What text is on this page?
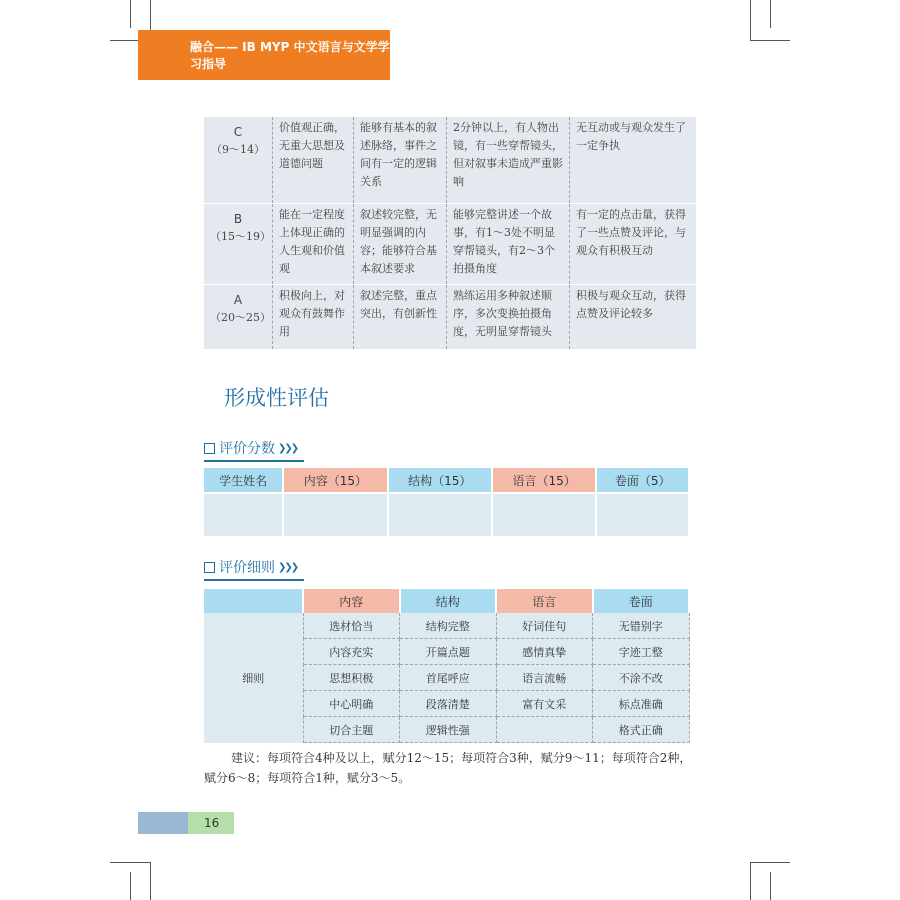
融合—— IB MYP 中文语言与文学学习指导
C
（9～14）	价值观正确，无重大思想及道德问题	能够有基本的叙述脉络，事件之间有一定的逻辑关系	2分钟以上，有人物出镜，有一些穿帮镜头，但对叙事未造成严重影响	无互动或与观众发生了一定争执

B
（15～19）	能在一定程度上体现正确的人生观和价值观	叙述较完整，无明显强调的内容；能够符合基本叙述要求	能够完整讲述一个故事，有1～3处不明显穿帮镜头，有2～3个拍摄角度	有一定的点击量，获得了一些点赞及评论，与观众有积极互动

A
（20～25）	积极向上，对观众有鼓舞作用	叙述完整，重点突出，有创新性	熟练运用多种叙述顺序，多次变换拍摄角度，无明显穿帮镜头	积极与观众互动，获得点赞及评论较多
形成性评估
评价分数 ❯❯❯
学生姓名	内容（15）	结构（15）	语言（15）	卷面（5）

评价细则 ❯❯❯
	内容	结构	语言	卷面
细则	选材恰当	结构完整	好词佳句	无错别字
	内容充实	开篇点题	感情真挚	字迹工整
	思想积极	首尾呼应	语言流畅	不涂不改
	中心明确	段落清楚	富有文采	标点准确
	切合主题	逻辑性强		格式正确

建议：每项符合4种及以上，赋分12～15；每项符合3种，赋分9～11；每项符合2种，赋分6～8；每项符合1种，赋分3～5。

16
